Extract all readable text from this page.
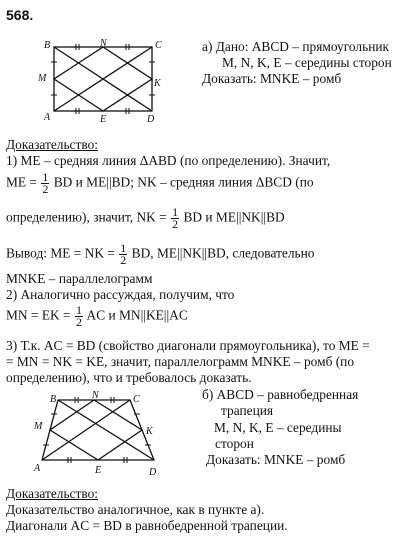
568.
B	N	C
M	K
A	E	D
а) Дано: ABCD – прямоугольник
M, N, K, E – середины сторон
Доказать: MNKE – ромб
Доказательство:
1) ME – средняя линия ΔABD (по определению). Значит,
ME = $\frac{1}{2}$ BD и ME||BD; NK – средняя линия ΔBCD (по
определению), значит, NK = $\frac{1}{2}$ BD и ME||NK||BD
Вывод: ME = NK = $\frac{1}{2}$ BD, ME||NK||BD, следовательно
MNKE – параллелограмм
2) Аналогично рассуждая, получим, что
MN = EK = $\frac{1}{2}$ AC и MN||KE||AC
3) Т.к. AC = BD (свойство диагонали прямоугольника), то ME =
= MN = NK = KE, значит, параллелограмм MNKE – ромб (по
определению), что и требовалось доказать.
B	N	C
M	K
A	E	D
б) ABCD – равнобедренная
трапеция
M, N, K, E – середины
сторон
Доказать: MNKE – ромб
Доказательство:
Доказательство аналогичное, как в пункте а).
Диагонали AC = BD в равнобедренной трапеции.
